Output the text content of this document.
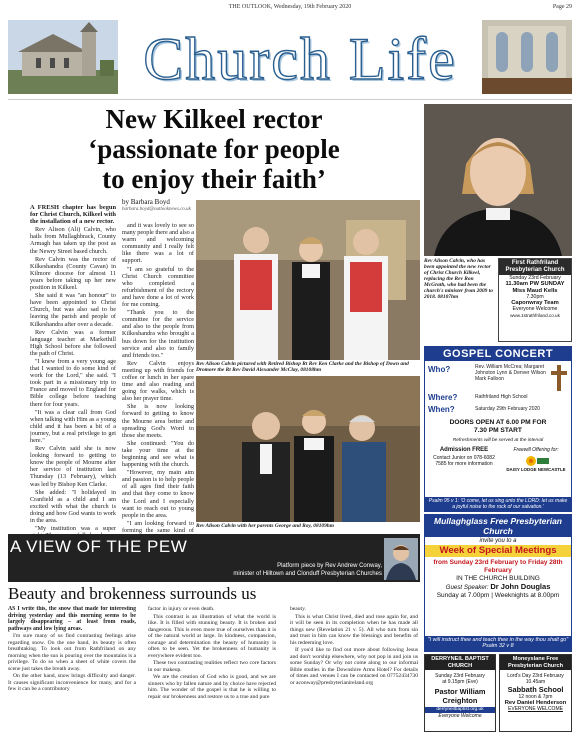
THE OUTLOOK, Wednesday, 19th February 2020	Page 29
Church Life
New Kilkeel rector
‘passionate for people
to enjoy their faith’

A FRESH chapter has begun for Christ Church, Kilkeel with the installation of a new rector.

Rev Alison (Ali) Calvin, who hails from Mullaghbrack, County Armagh has taken up the post as the Newry Street based church.

Rev Calvin was the rector of Kilkeshandra (County Cavan) in Kilmore diocese for almost 11 years before taking up her new position in Kilkeel.

She said it was "an honour" to have been appointed to Christ Church, but was also sad to be leaving the parish and people of Kilkeshandra after over a decade.

Rev Calvin was a former language teacher at Markethill High School before she followed the path of Christ.

"I knew from a very young age that I wanted to do some kind of work for the Lord," she said. "I took part in a missionary trip to France and moved to England for Bible college before teaching there for four years.

"It was a clear call from God when talking with Him as a young child and it has been a bit of a journey, but a real privilege to get here."

Rev Calvin said she is now looking forward to getting to know the people of Mourne after her service of institution last Thursday (13 February), which was led by Bishop Ken Clarke.

She added: "I holidayed in Cranfield as a child and I am excited with what the church is doing and how God wants to work in the area.

"My institution was a super

by Barbara Boyd
barbara.boyd@outlooknews.co.uk

and it was lovely to see so many people there and also a warm and welcoming community and I really felt like there was a lot of support.

"I am so grateful to the Christ Church committee who completed a refurbishment of the rectory and have done a lot of work for me coming.

"Thank you to the committee for the service and also to the people from Kilkeshandra who brought a bus down for the institution service and also to family and friends too."

Rev Calvin enjoys meeting up with friends for coffee or lunch in her spare time and also reading and going for walks, which is also her prayer time.

She is now looking forward to getting to know the Mourne area better and spreading God's Word to those she meets.

She continued: "You do take your time at the beginning and see what is happening with the church.

"However, my main aim and passion is to help people of all ages find their faith and that they come to know the Lord and I especially want to reach out to young people in the area.

"I am looking forward to forming the same kind of

Rev Alison Calvin pictured with Retired Bishop Rt Rev Ken Clarke and the Bishop of Down and Dromore the Rt Rev David Alexander McClay, 08108hm
Rev Alison Calvin with her parents George and Roy, 08109hm
Rev Alison Calvin, who has been appointed the new rector of Christ Church Kilkeel, replacing the Rev Ron McGrath, who had been the church's minister from 2009 to 2018. 08107hm
First Rathfriland Presbyterian Church
Sunday 23rd February
11.30am PW SUNDAY
Miss Maud Kells
7.30pm
Caponwray Team
Everyone Welcome
www.1strathfriland.co.uk
GOSPEL CONCERT
Who?	Rev. William McCrea; Margaret Johnston Lynn & Denver Wilson Mark Falloon
Where?	Rathfriland High School
When?	Saturday 29th February 2020
DOORS OPEN AT 6.00 PM FOR
7.30 PM START
Refreshments will be served at the interval
Admission FREE
Contact Junior on 078-6082 7585 for more information
Freewill Offering for:
DAISY LODGE NEWCASTLE
Psalm 95 v 1: 'O come, let us sing unto the LORD: let us make a joyful noise to the rock of our salvation.'
A VIEW OF THE PEW
Platform piece by Rev Andrew Conway,
minister of Hilltown and Clonduff Presbyterian Churches
Beauty and brokenness surrounds us

AS I write this, the snow that made for interesting driving yesterday and this morning seems to be largely disappearing – at least from roads, pathways and low lying areas.

I'm sure many of us find contrasting feelings arise regarding snow. On the one hand, its beauty is often breathtaking. To look out from Rathfriland on any morning when the sun is pouring over the mountains is a privilege. To do so when a sheet of white covers the scene just takes the breath away.

On the other hand, snow brings difficulty and danger. It causes significant inconvenience for many, and for a few it can be a contributory

factor in injury or even death.

This contrast is an illustration of what the world is like. It is filled with stunning beauty. It is broken and dangerous. This is even more true of ourselves than it is of the natural world at large. In kindness, compassion, courage and determination the beauty of humanity is often to be seen. Yet the brokenness of humanity is everywhere evident too.

These two contrasting realities reflect two core factors in our makeup.

We are the creation of God who is good, and we are sinners who by fallen nature and by choice have rejected him. The wonder of the gospel is that he is willing to repair our brokenness and restore us to a true and pure

beauty.

This is what Christ lived, died and rose again for, and it will be seen in its completion when he has made all things new (Revelation 21 v. 5). All who turn from sin and trust in him can know the blessings and benefits of his redeeming love.

If you'd like to find out more about following Jesus and don't worship elsewhere, why not pop in and join us some Sunday? Or why not come along to our informal Bible studies in the Downshire Arms Hotel? For details of times and venues I can be contacted on 07752434730 or aconway@presbyterianireland.org

Mullaghglass Free Presbyterian Church
invite you to a
Week of Special Meetings
from Sunday 23rd February to Friday 28th February
IN THE CHURCH BUILDING
Guest Speaker: Dr John Douglas
Sunday at 7.00pm | Weeknights at 8.00pm
"I will instruct thee and teach thee in the way thou shalt go" Psalm 32 v 8
DERRYNEIL BAPTIST CHURCH
Sunday 23rd February
at 9.15pm (Eve)
Pastor William Creighton
derryneilbaptist.org.uk
Everyone Welcome
Moneyslane Free Presbyterian Church
Lord's Day 23rd February
10.45am
Sabbath School
12 noon & 7pm
Rev Daniel Henderson
EVERYONE WELCOME
